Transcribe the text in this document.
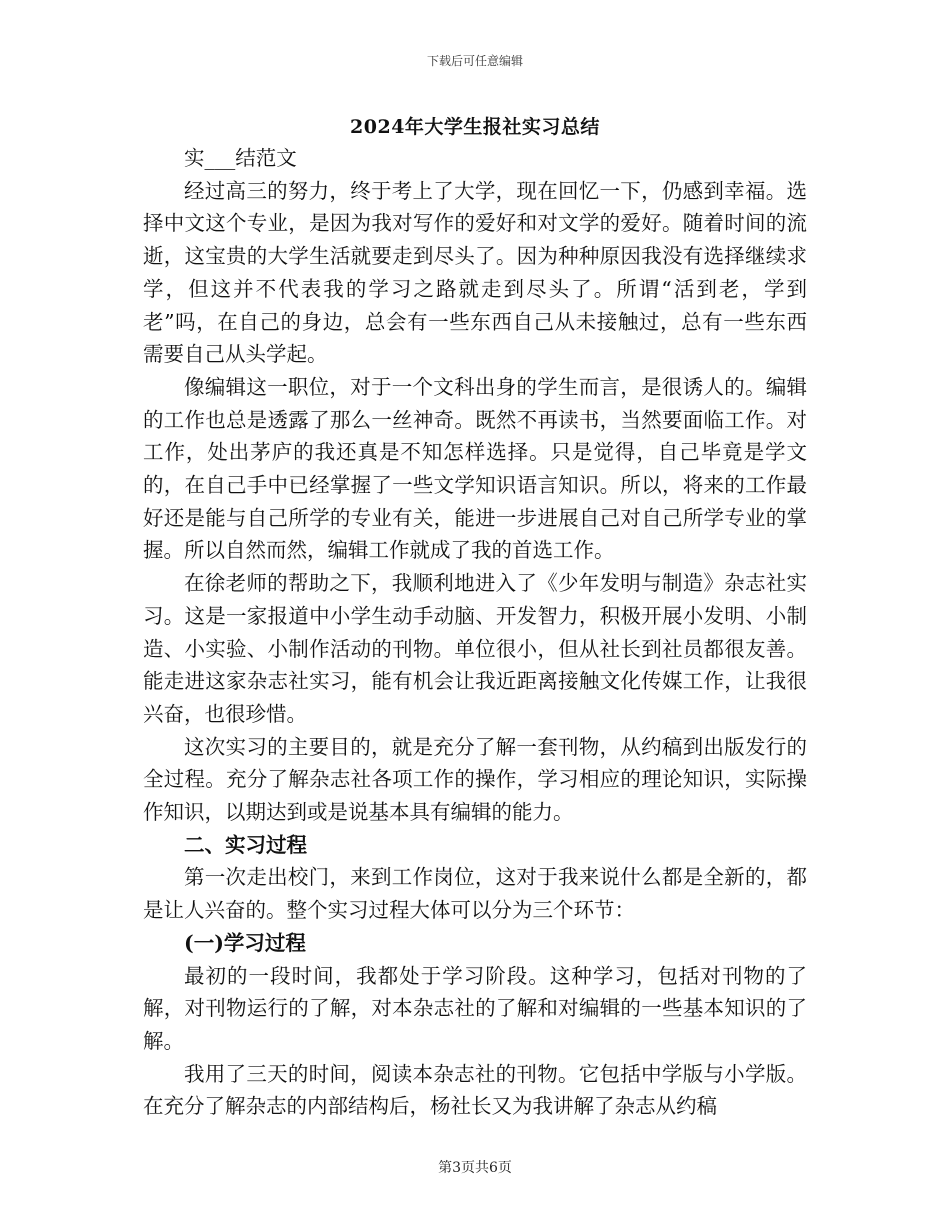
下载后可任意编辑
2024年大学生报社实习总结

实___结范文

经过高三的努力，终于考上了大学，现在回忆一下，仍感到幸福。选择中文这个专业，是因为我对写作的爱好和对文学的爱好。随着时间的流逝，这宝贵的大学生活就要走到尽头了。因为种种原因我没有选择继续求学，但这并不代表我的学习之路就走到尽头了。所谓“活到老，学到老”吗，在自己的身边，总会有一些东西自己从未接触过，总有一些东西需要自己从头学起。

像编辑这一职位，对于一个文科出身的学生而言，是很诱人的。编辑的工作也总是透露了那么一丝神奇。既然不再读书，当然要面临工作。对工作，处出茅庐的我还真是不知怎样选择。只是觉得，自己毕竟是学文的，在自己手中已经掌握了一些文学知识语言知识。所以，将来的工作最好还是能与自己所学的专业有关，能进一步进展自己对自己所学专业的掌握。所以自然而然，编辑工作就成了我的首选工作。

在徐老师的帮助之下，我顺利地进入了《少年发明与制造》杂志社实习。这是一家报道中小学生动手动脑、开发智力，积极开展小发明、小制造、小实验、小制作活动的刊物。单位很小，但从社长到社员都很友善。能走进这家杂志社实习，能有机会让我近距离接触文化传媒工作，让我很兴奋，也很珍惜。

这次实习的主要目的，就是充分了解一套刊物，从约稿到出版发行的全过程。充分了解杂志社各项工作的操作，学习相应的理论知识，实际操作知识，以期达到或是说基本具有编辑的能力。

二、实习过程

第一次走出校门，来到工作岗位，这对于我来说什么都是全新的，都是让人兴奋的。整个实习过程大体可以分为三个环节：

(一)学习过程

最初的一段时间，我都处于学习阶段。这种学习，包括对刊物的了解，对刊物运行的了解，对本杂志社的了解和对编辑的一些基本知识的了解。

我用了三天的时间，阅读本杂志社的刊物。它包括中学版与小学版。在充分了解杂志的内部结构后，杨社长又为我讲解了杂志从约稿

第3页共6页
